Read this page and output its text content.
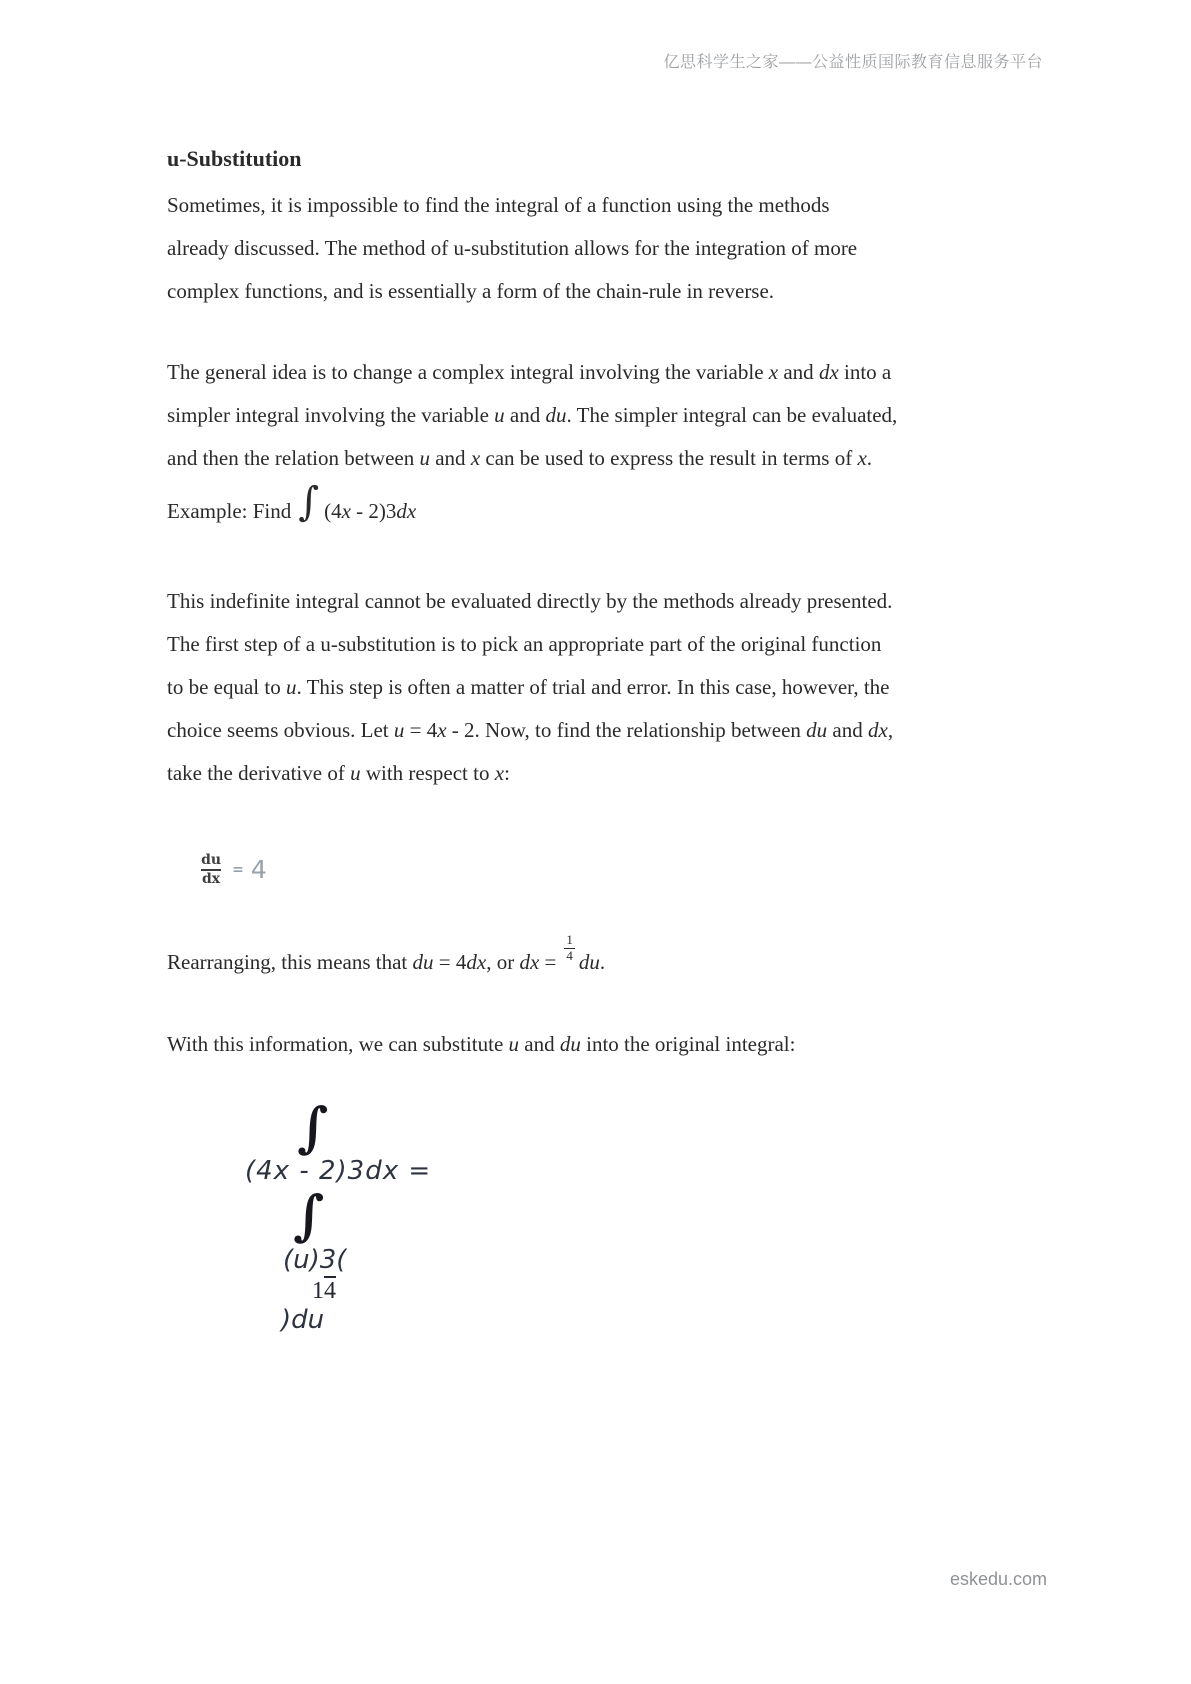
亿思科学生之家——公益性质国际教育信息服务平台
u-Substitution
Sometimes, it is impossible to find the integral of a function using the methods
already discussed. The method of u-substitution allows for the integration of more
complex functions, and is essentially a form of the chain-rule in reverse.
The general idea is to change a complex integral involving the variable x and dx into a
simpler integral involving the variable u and du. The simpler integral can be evaluated,
and then the relation between u and x can be used to express the result in terms of x.
Example: Find ∫ (4x - 2)3dx
This indefinite integral cannot be evaluated directly by the methods already presented.
The first step of a u-substitution is to pick an appropriate part of the original function
to be equal to u. This step is often a matter of trial and error. In this case, however, the
choice seems obvious. Let u = 4x - 2. Now, to find the relationship between du and dx,
take the derivative of u with respect to x:
$\frac{du}{dx} = 4$
Rearranging, this means that du = 4dx, or dx = $\frac{1}{4}$ du.
With this information, we can substitute u and du into the original integral:
∫
(4x - 2)3dx =
∫
(u)3(
14
)du
eskedu.com
